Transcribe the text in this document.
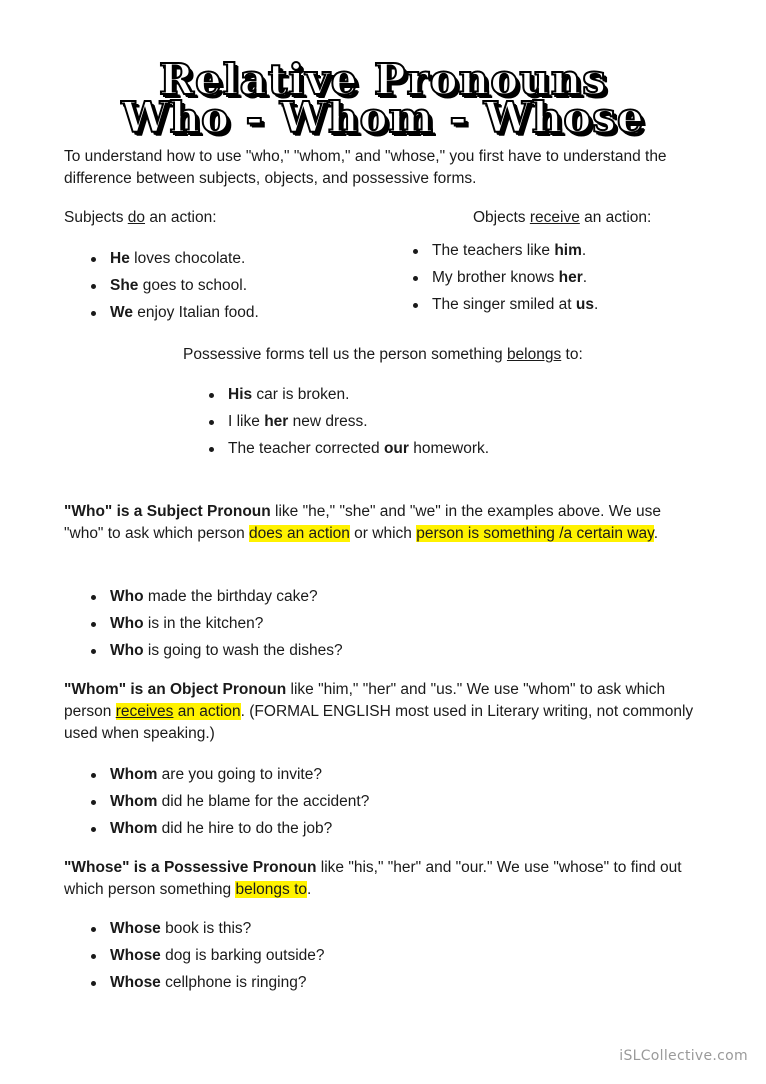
Relative Pronouns
Who - Whom - Whose
To understand how to use "who," "whom," and "whose," you first have to understand the difference between subjects, objects, and possessive forms.
Subjects do an action:
He loves chocolate.
She goes to school.
We enjoy Italian food.
Objects receive an action:
The teachers like him.
My brother knows her.
The singer smiled at us.
Possessive forms tell us the person something belongs to:
His car is broken.
I like her new dress.
The teacher corrected our homework.
"Who" is a Subject Pronoun like "he," "she" and "we" in the examples above. We use "who" to ask which person does an action or which person is something /a certain way.
Who made the birthday cake?
Who is in the kitchen?
Who is going to wash the dishes?
"Whom" is an Object Pronoun like "him," "her" and "us." We use "whom" to ask which person receives an action. (FORMAL ENGLISH most used in Literary writing, not commonly used when speaking.)
Whom are you going to invite?
Whom did he blame for the accident?
Whom did he hire to do the job?
"Whose" is a Possessive Pronoun like "his," "her" and "our." We use "whose" to find out which person something belongs to.
Whose book is this?
Whose dog is barking outside?
Whose cellphone is ringing?
iSLCollective.com
